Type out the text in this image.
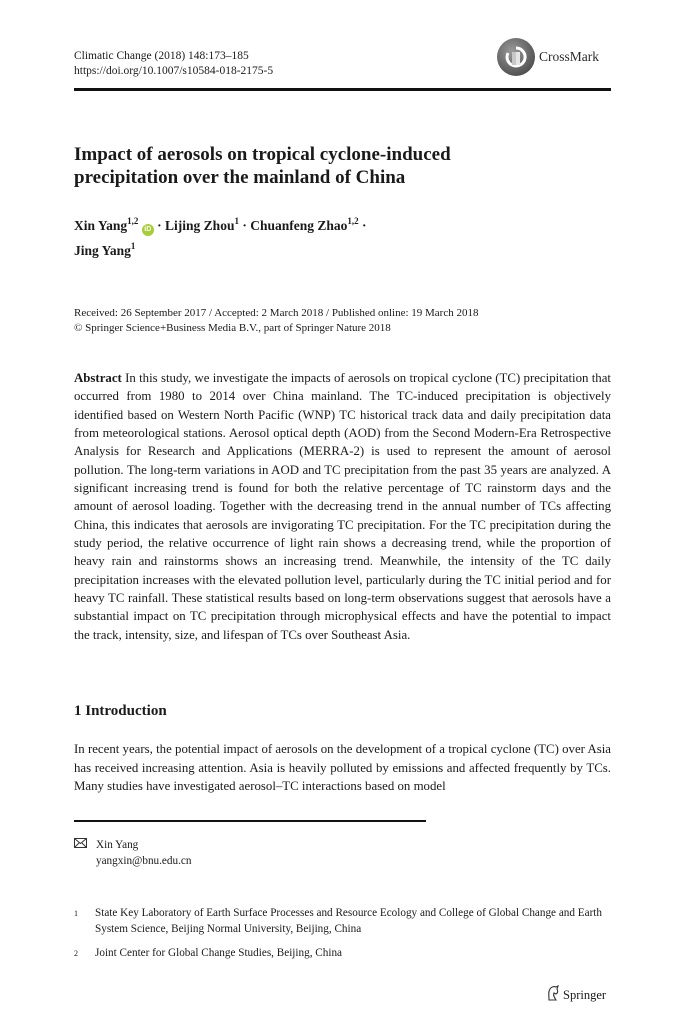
Climatic Change (2018) 148:173–185
https://doi.org/10.1007/s10584-018-2175-5
CrossMark
Impact of aerosols on tropical cyclone-induced
precipitation over the mainland of China
Xin Yang$^{1,2}$ iD · Lijing Zhou$^1$ · Chuanfeng Zhao$^{1,2}$ ·
Jing Yang$^1$
Received: 26 September 2017 / Accepted: 2 March 2018 / Published online: 19 March 2018
© Springer Science+Business Media B.V., part of Springer Nature 2018
Abstract In this study, we investigate the impacts of aerosols on tropical cyclone (TC) precipitation that occurred from 1980 to 2014 over China mainland. The TC-induced precipitation is objectively identified based on Western North Pacific (WNP) TC historical track data and daily precipitation data from meteorological stations. Aerosol optical depth (AOD) from the Second Modern-Era Retrospective Analysis for Research and Applications (MERRA-2) is used to represent the amount of aerosol pollution. The long-term variations in AOD and TC precipitation from the past 35 years are analyzed. A significant increasing trend is found for both the relative percentage of TC rainstorm days and the amount of aerosol loading. Together with the decreasing trend in the annual number of TCs affecting China, this indicates that aerosols are invigorating TC precipitation. For the TC precipitation during the study period, the relative occurrence of light rain shows a decreasing trend, while the proportion of heavy rain and rainstorms shows an increasing trend. Meanwhile, the intensity of the TC daily precipitation increases with the elevated pollution level, particularly during the TC initial period and for heavy TC rainfall. These statistical results based on long-term observations suggest that aerosols have a substantial impact on TC precipitation through microphysical effects and have the potential to impact the track, intensity, size, and lifespan of TCs over Southeast Asia.
1 Introduction
In recent years, the potential impact of aerosols on the development of a tropical cyclone (TC) over Asia has received increasing attention. Asia is heavily polluted by emissions and affected frequently by TCs. Many studies have investigated aerosol–TC interactions based on model
Xin Yang
yangxin@bnu.edu.cn
1	State Key Laboratory of Earth Surface Processes and Resource Ecology and College of Global Change and Earth System Science, Beijing Normal University, Beijing, China
2	Joint Center for Global Change Studies, Beijing, China
Springer
